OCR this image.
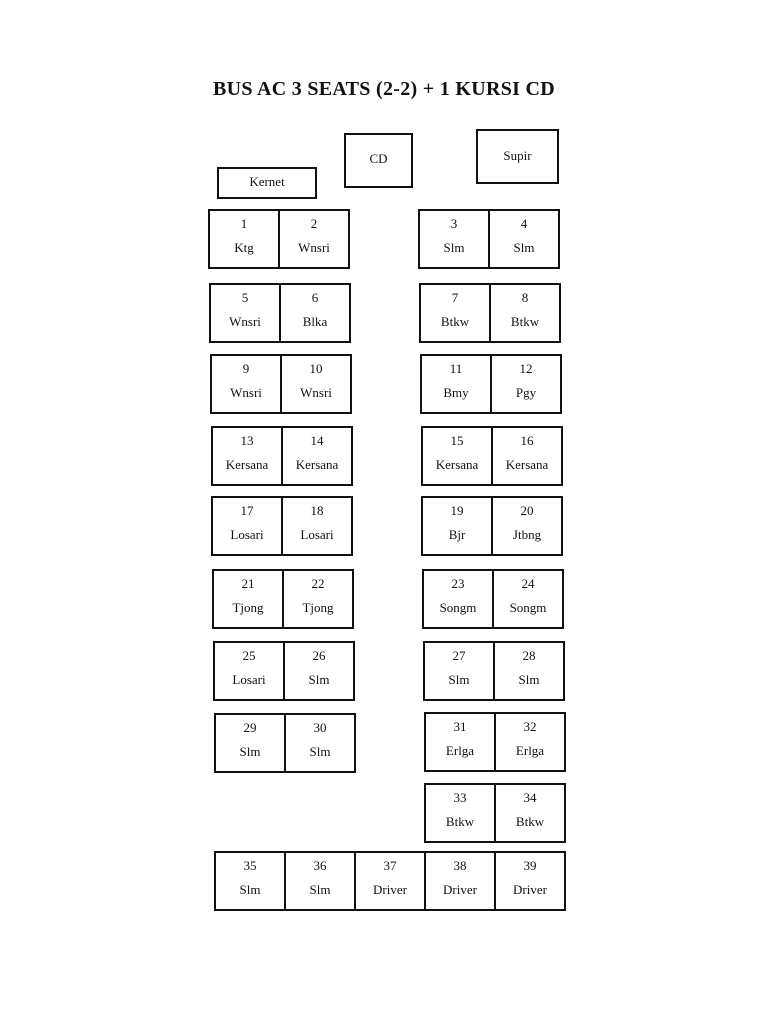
BUS AC 3 SEATS (2-2) + 1 KURSI CD
Kernet
CD	Supir
1
Ktg
2
Wnsri
3
Slm
4
Slm
5
Wnsri
6
Blka
7
Btkw
8
Btkw
9
Wnsri
10
Wnsri
11
Bmy
12
Pgy
13
Kersana
14
Kersana
15
Kersana
16
Kersana
17
Losari
18
Losari
19
Bjr
20
Jtbng
21
Tjong
22
Tjong
23
Songm
24
Songm
25
Losari
26
Slm
27
Slm
28
Slm
29
Slm
30
Slm
31
Erlga
32
Erlga
33
Btkw
34
Btkw
35
Slm
36
Slm
37
Driver
38
Driver
39
Driver
